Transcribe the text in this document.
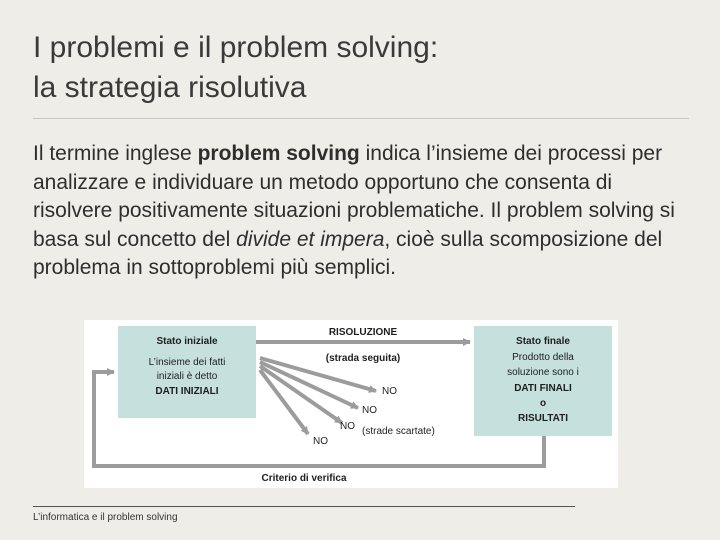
I problemi e il problem solving:
la strategia risolutiva

Il termine inglese problem solving indica l’insieme dei processi per analizzare e individuare un metodo opportuno che consenta di risolvere positivamente situazioni problematiche. Il problem solving si basa sul concetto del divide et impera, cioè sulla scomposizione del problema in sottoproblemi più semplici.

Stato iniziale
L’insieme dei fatti
iniziali è detto
DATI INIZIALI
Stato finale
Prodotto della
soluzione sono i
DATI FINALI
o
RISULTATI
RISOLUZIONE
(strada seguita)
NO
NO
NO
NO
(strade scartate)
Criterio di verifica
L’informatica e il problem solving
